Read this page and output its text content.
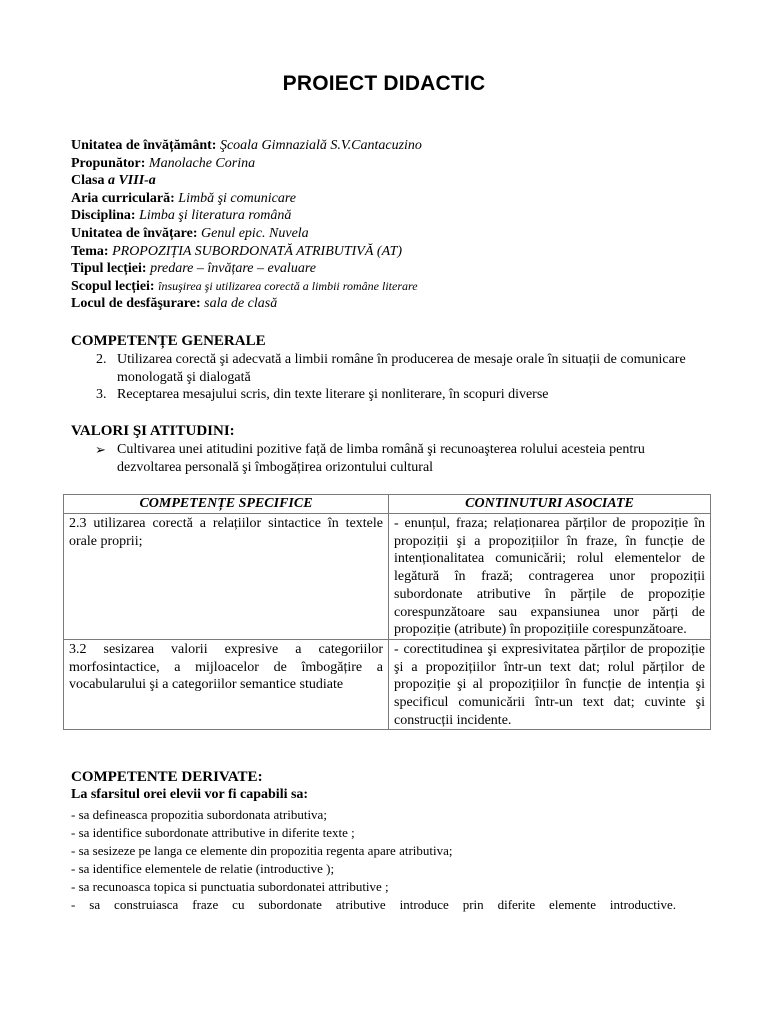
PROIECT DIDACTIC
Unitatea de învățământ: Şcoala Gimnazială S.V.Cantacuzino
Propunător: Manolache Corina
Clasa a VIII-a
Aria curriculară: Limbă şi comunicare
Disciplina: Limba şi literatura română
Unitatea de învățare: Genul epic. Nuvela
Tema: PROPOZIȚIA SUBORDONATĂ ATRIBUTIVĂ (AT)
Tipul lecției: predare – învățare – evaluare
Scopul lecției: însuşirea şi utilizarea corectă a limbii române literare
Locul de desfăşurare: sala de clasă
COMPETENȚE GENERALE
2. Utilizarea corectă şi adecvată a limbii române în producerea de mesaje orale în situații de comunicare monologată şi dialogată
3. Receptarea mesajului scris, din texte literare şi nonliterare, în scopuri diverse
VALORI ŞI ATITUDINI:
➢ Cultivarea unei atitudini pozitive față de limba română şi recunoaşterea rolului acesteia pentru dezvoltarea personală şi îmbogățirea orizontului cultural
COMPETENȚE SPECIFICE	CONTINUTURI ASOCIATE
2.3 utilizarea corectă a relațiilor sintactice în textele orale proprii;	- enunțul, fraza; relaționarea părților de propoziție în propoziții şi a propozițiilor în fraze, în funcție de intenționalitatea comunicării; rolul elementelor de legătură în frază; contragerea unor propoziții subordonate atributive în părțile de propoziție corespunzătoare sau expansiunea unor părți de propoziție (atribute) în propozițiile corespunzătoare.
3.2 sesizarea valorii expresive a categoriilor morfosintactice, a mijloacelor de îmbogățire a vocabularului şi a categoriilor semantice studiate	- corectitudinea şi expresivitatea părților de propoziție şi a propozițiilor într-un text dat; rolul părților de propoziție şi al propozițiilor în funcție de intenția şi specificul comunicării într-un text dat; cuvinte şi construcții incidente.
COMPETENTE DERIVATE:
La sfarsitul orei elevii vor fi capabili sa:
- sa defineasca propozitia subordonata atributiva;
- sa identifice subordonate attributive in diferite texte ;
- sa sesizeze pe langa ce elemente din propozitia regenta apare atributiva;
- sa identifice elementele de relatie (introductive );
- sa recunoasca topica si punctuatia subordonatei attributive ;
- sa construiasca fraze cu subordonate atributive introduce prin diferite elemente introductive.
